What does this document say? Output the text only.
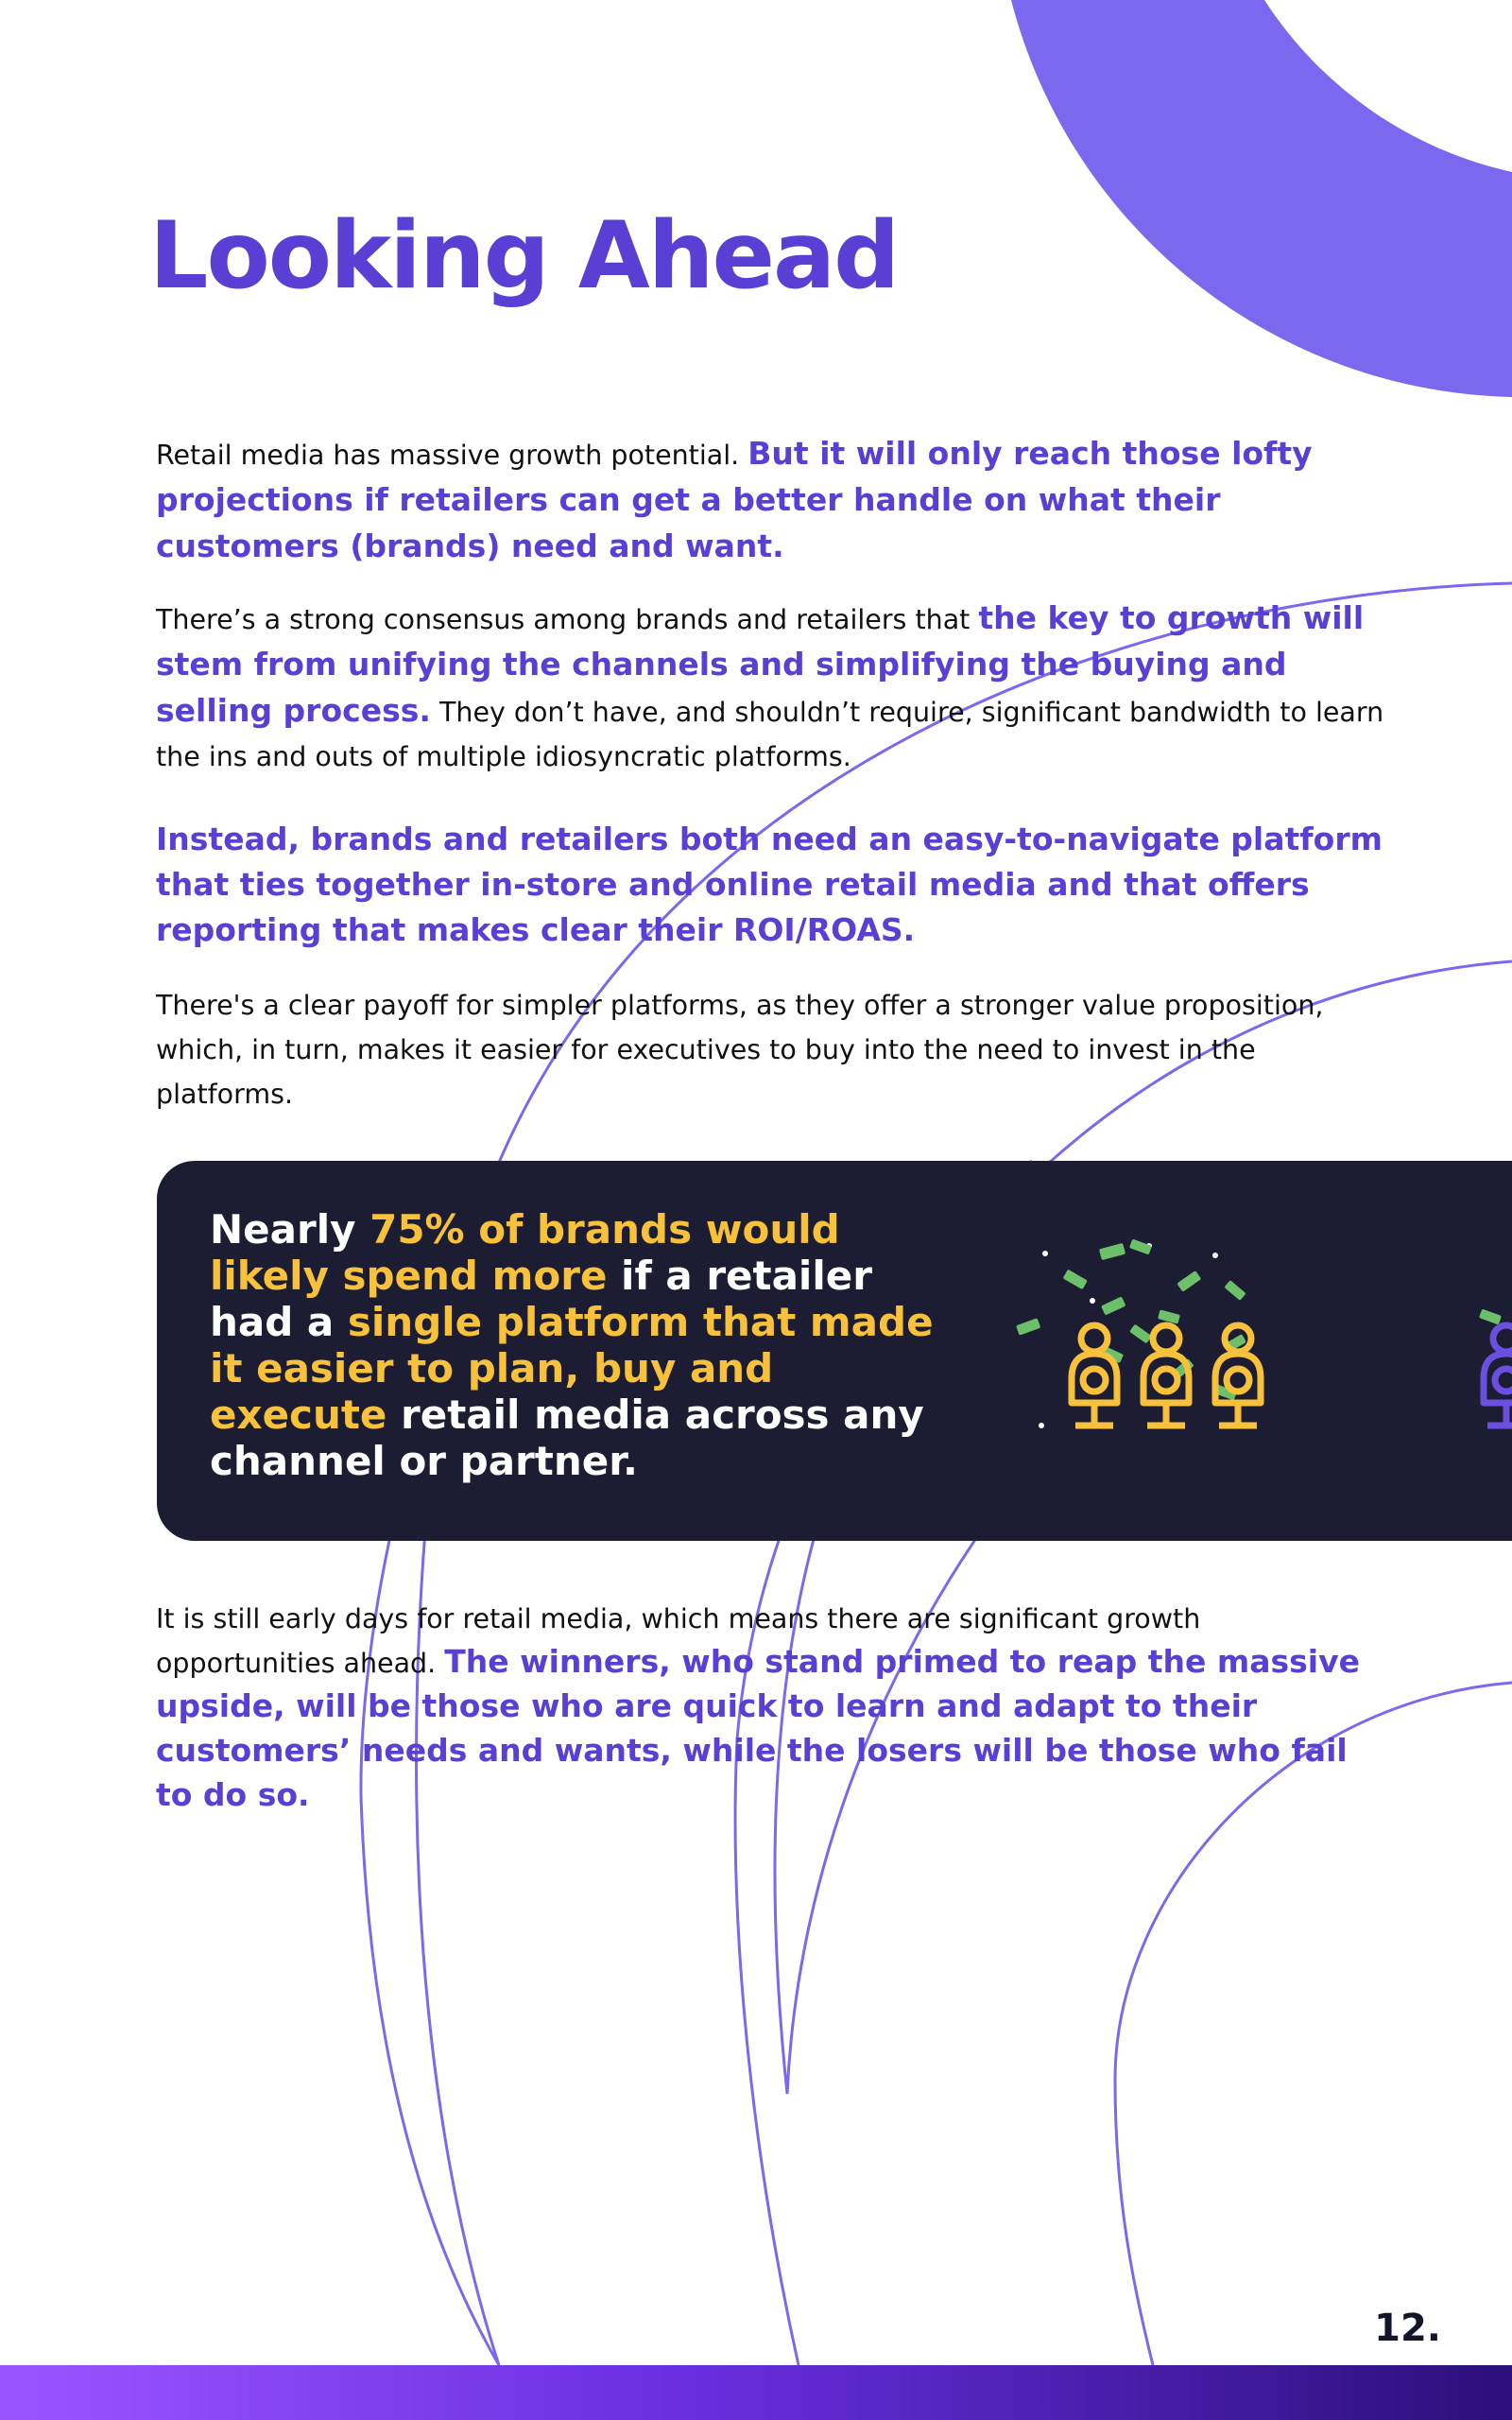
Looking Ahead

Retail media has massive growth potential. But it will only reach those lofty projections if retailers can get a better handle on what their customers (brands) need and want.

There’s a strong consensus among brands and retailers that the key to growth will stem from unifying the channels and simplifying the buying and selling process. They don’t have, and shouldn’t require, significant bandwidth to learn the ins and outs of multiple idiosyncratic platforms.

Instead, brands and retailers both need an easy-to-navigate platform that ties together in-store and online retail media and that offers reporting that makes clear their ROI/ROAS.

There's a clear payoff for simpler platforms, as they offer a stronger value proposition, which, in turn, makes it easier for executives to buy into the need to invest in the platforms.

Nearly 75% of brands would likely spend more if a retailer had a single platform that made it easier to plan, buy and execute retail media across any channel or partner.

It is still early days for retail media, which means there are significant growth opportunities ahead. The winners, who stand primed to reap the massive upside, will be those who are quick to learn and adapt to their customers’ needs and wants, while the losers will be those who fail to do so.

12.
